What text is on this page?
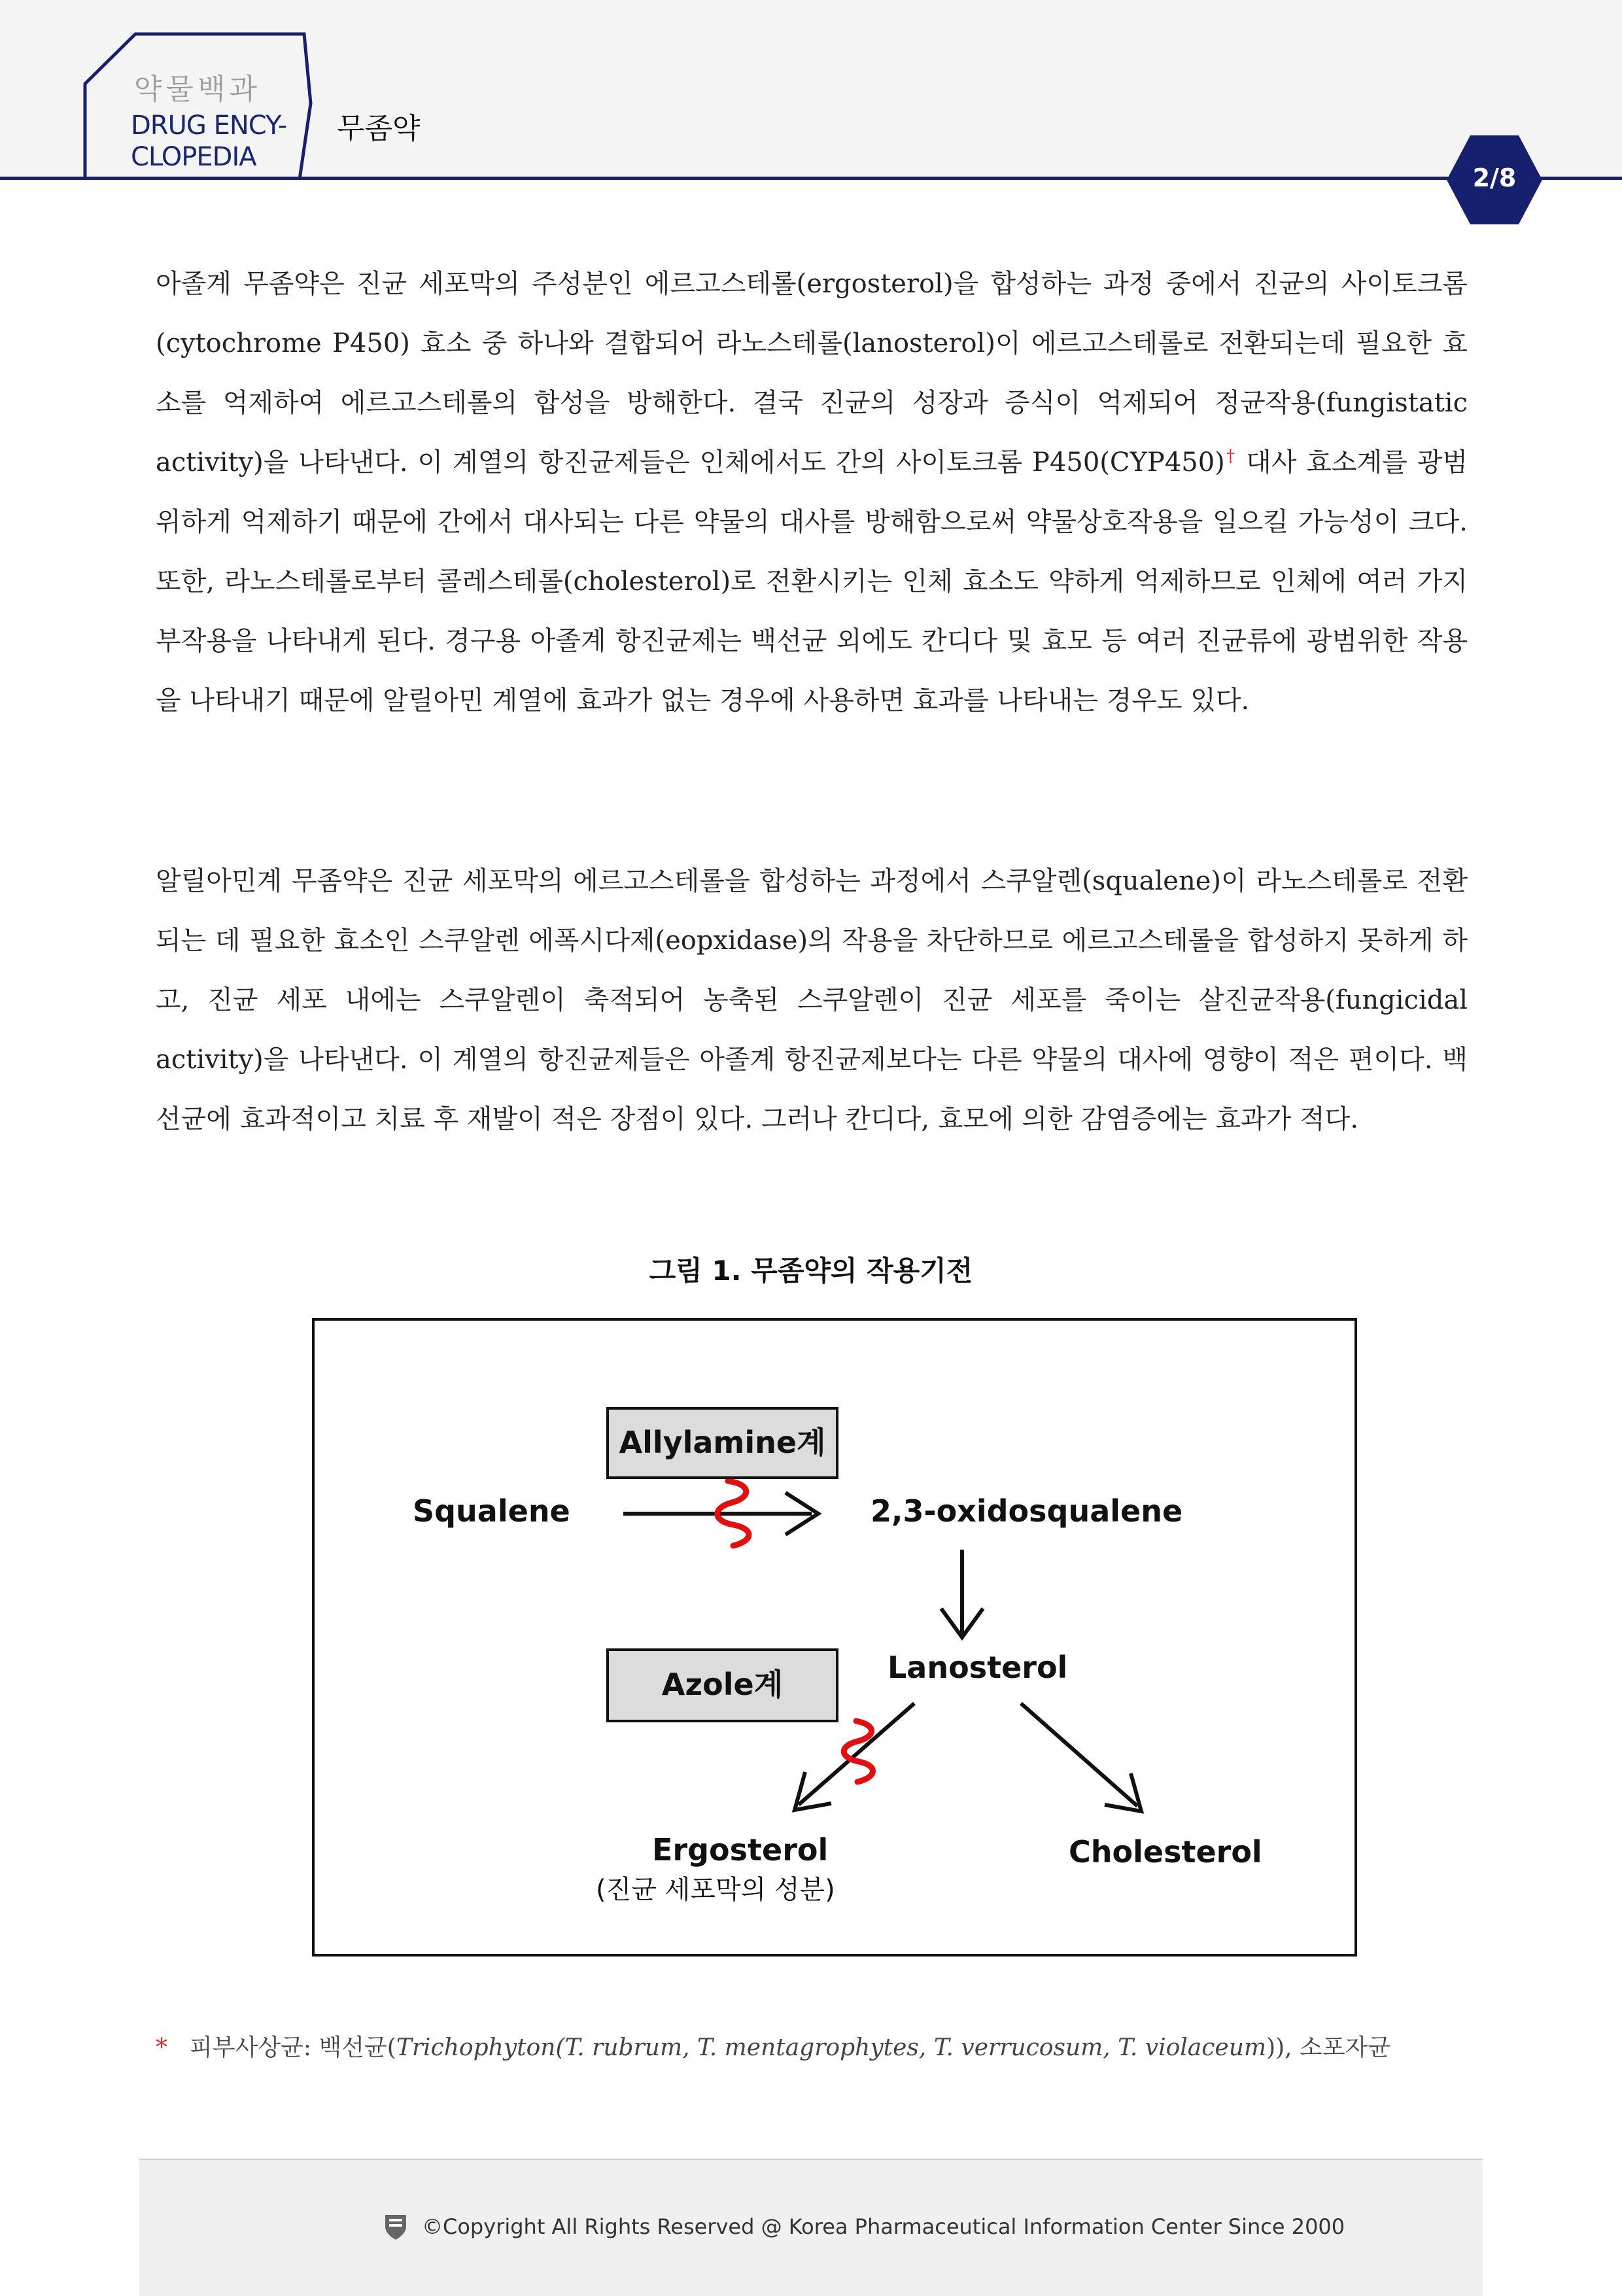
약물백과
DRUG ENCY-
CLOPEDIA
무좀약
2/8

아졸계 무좀약은 진균 세포막의 주성분인 에르고스테롤(ergosterol)을 합성하는 과정 중에서 진균의 사이토크롬(cytochrome P450) 효소 중 하나와 결합되어 라노스테롤(lanosterol)이 에르고스테롤로 전환되는데 필요한 효소를 억제하여 에르고스테롤의 합성을 방해한다. 결국 진균의 성장과 증식이 억제되어 정균작용(fungistatic activity)을 나타낸다. 이 계열의 항진균제들은 인체에서도 간의 사이토크롬 P450(CYP450)† 대사 효소계를 광범위하게 억제하기 때문에 간에서 대사되는 다른 약물의 대사를 방해함으로써 약물상호작용을 일으킬 가능성이 크다. 또한, 라노스테롤로부터 콜레스테롤(cholesterol)로 전환시키는 인체 효소도 약하게 억제하므로 인체에 여러 가지 부작용을 나타내게 된다. 경구용 아졸계 항진균제는 백선균 외에도 칸디다 및 효모 등 여러 진균류에 광범위한 작용을 나타내기 때문에 알릴아민 계열에 효과가 없는 경우에 사용하면 효과를 나타내는 경우도 있다.

알릴아민계 무좀약은 진균 세포막의 에르고스테롤을 합성하는 과정에서 스쿠알렌(squalene)이 라노스테롤로 전환되는 데 필요한 효소인 스쿠알렌 에폭시다제(eopxidase)의 작용을 차단하므로 에르고스테롤을 합성하지 못하게 하고, 진균 세포 내에는 스쿠알렌이 축적되어 농축된 스쿠알렌이 진균 세포를 죽이는 살진균작용(fungicidal activity)을 나타낸다. 이 계열의 항진균제들은 아졸계 항진균제보다는 다른 약물의 대사에 영향이 적은 편이다. 백선균에 효과적이고 치료 후 재발이 적은 장점이 있다. 그러나 칸디다, 효모에 의한 감염증에는 효과가 적다.

그림 1. 무좀약의 작용기전
Allylamine계
Azole계
Squalene	2,3-oxidosqualene
Lanosterol
Ergosterol
(진균 세포막의 성분)
Cholesterol
* 피부사상균: 백선균(Trichophyton(T. rubrum, T. mentagrophytes, T. verrucosum, T. violaceum)), 소포자균
©Copyright All Rights Reserved @ Korea Pharmaceutical Information Center Since 2000
